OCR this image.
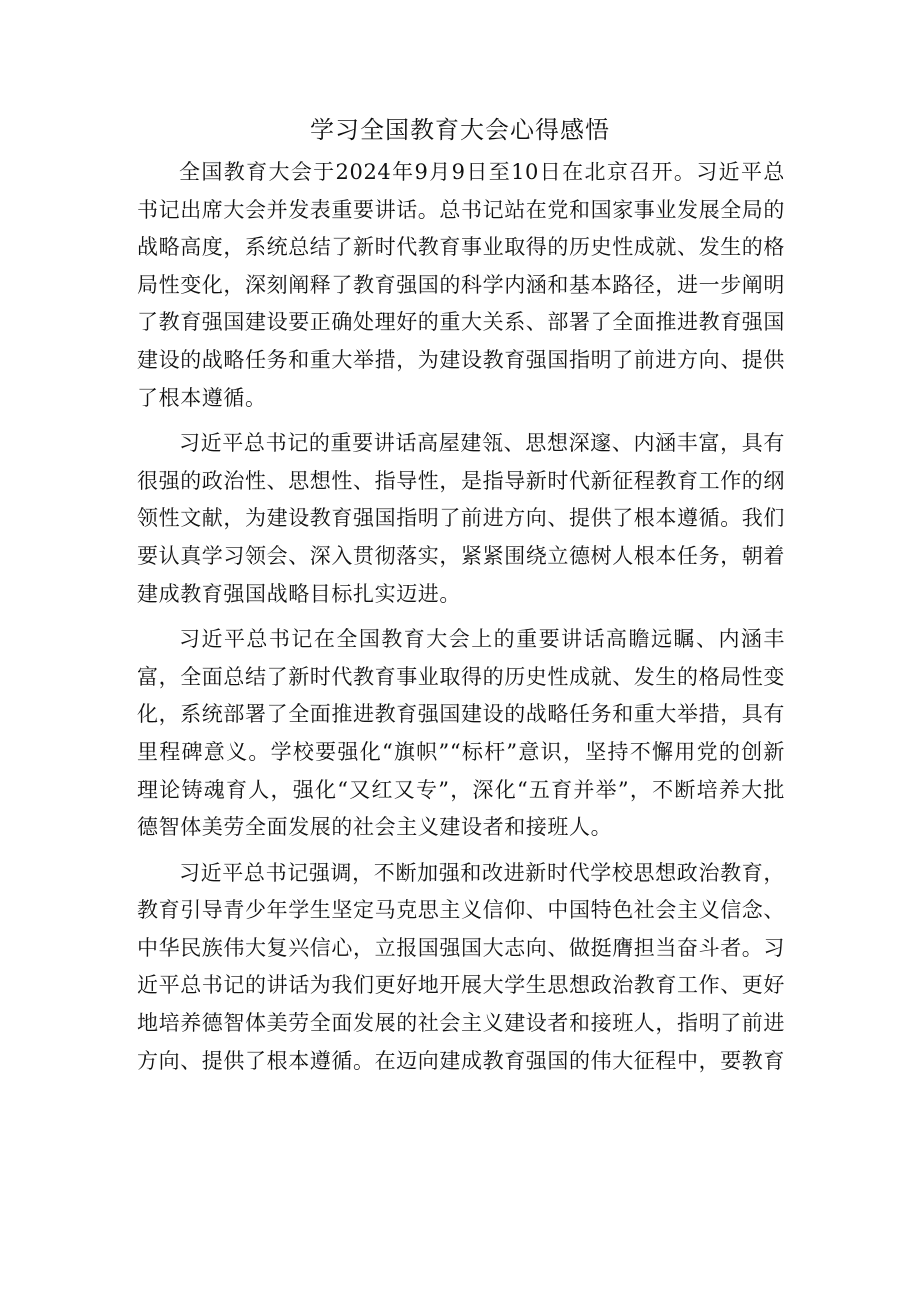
学习全国教育大会心得感悟

全国教育大会于2024年9月9日至10日在北京召开。习近平总书记出席大会并发表重要讲话。总书记站在党和国家事业发展全局的战略高度，系统总结了新时代教育事业取得的历史性成就、发生的格局性变化，深刻阐释了教育强国的科学内涵和基本路径，进一步阐明了教育强国建设要正确处理好的重大关系、部署了全面推进教育强国建设的战略任务和重大举措，为建设教育强国指明了前进方向、提供了根本遵循。

习近平总书记的重要讲话高屋建瓴、思想深邃、内涵丰富，具有很强的政治性、思想性、指导性，是指导新时代新征程教育工作的纲领性文献，为建设教育强国指明了前进方向、提供了根本遵循。我们要认真学习领会、深入贯彻落实，紧紧围绕立德树人根本任务，朝着建成教育强国战略目标扎实迈进。

习近平总书记在全国教育大会上的重要讲话高瞻远瞩、内涵丰富，全面总结了新时代教育事业取得的历史性成就、发生的格局性变化，系统部署了全面推进教育强国建设的战略任务和重大举措，具有里程碑意义。学校要强化“旗帜”“标杆”意识，坚持不懈用党的创新理论铸魂育人，强化“又红又专”，深化“五育并举”，不断培养大批德智体美劳全面发展的社会主义建设者和接班人。

习近平总书记强调，不断加强和改进新时代学校思想政治教育，教育引导青少年学生坚定马克思主义信仰、中国特色社会主义信念、中华民族伟大复兴信心，立报国强国大志向、做挺膺担当奋斗者。习近平总书记的讲话为我们更好地开展大学生思想政治教育工作、更好地培养德智体美劳全面发展的社会主义建设者和接班人，指明了前进方向、提供了根本遵循。在迈向建成教育强国的伟大征程中，要教育
